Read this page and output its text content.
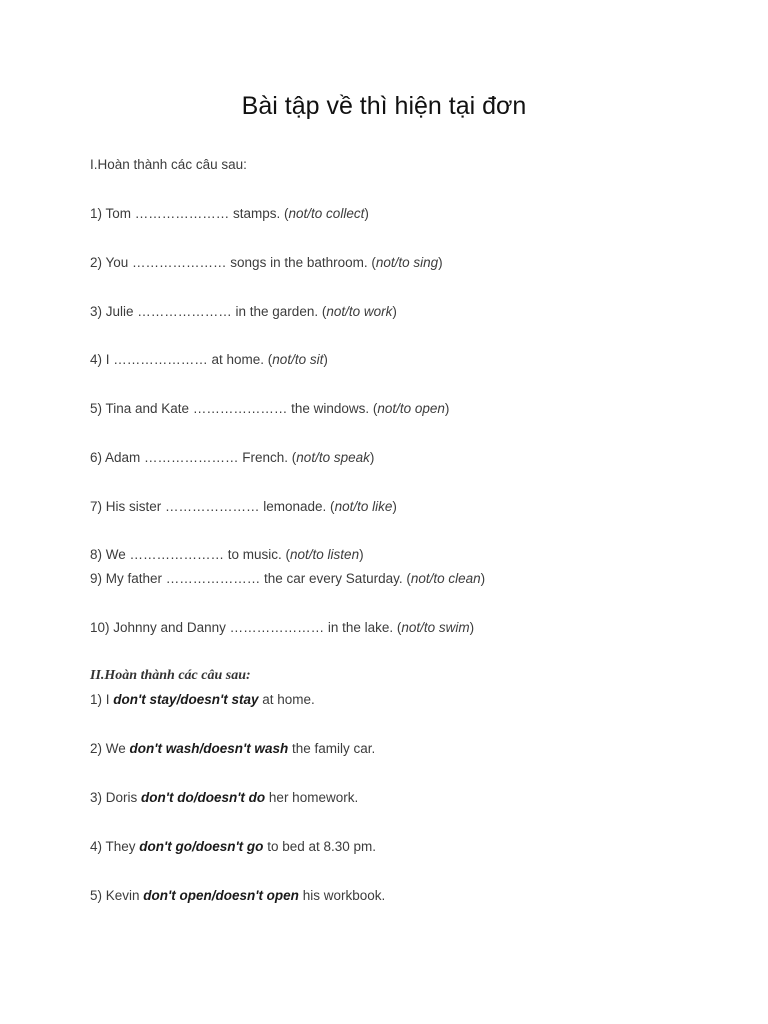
Bài tập về thì hiện tại đơn
I.Hoàn thành các câu sau:
1) Tom ………………… stamps. (not/to collect)
2) You ………………… songs in the bathroom. (not/to sing)
3) Julie ………………… in the garden. (not/to work)
4) I ………………… at home. (not/to sit)
5) Tina and Kate ………………… the windows. (not/to open)
6) Adam ………………… French. (not/to speak)
7) His sister ………………… lemonade. (not/to like)
8) We ………………… to music. (not/to listen)
9) My father ………………… the car every Saturday. (not/to clean)
10) Johnny and Danny ………………… in the lake. (not/to swim)
II.Hoàn thành các câu sau:
1) I don't stay/doesn't stay at home.
2) We don't wash/doesn't wash the family car.
3) Doris don't do/doesn't do her homework.
4) They don't go/doesn't go to bed at 8.30 pm.
5) Kevin don't open/doesn't open his workbook.
